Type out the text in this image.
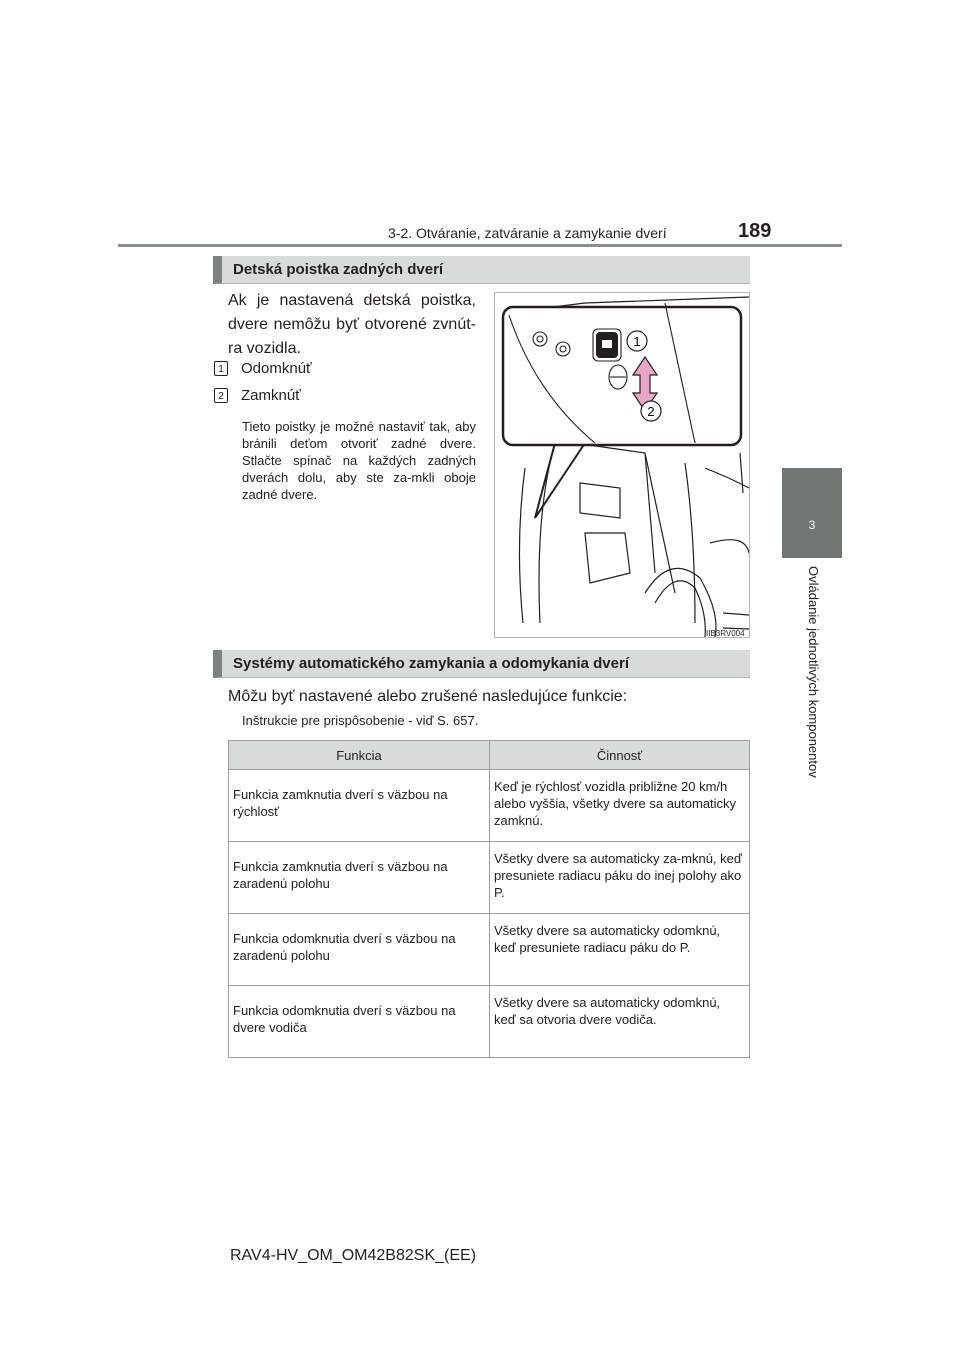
3-2. Otváranie, zatváranie a zamykanie dverí	189
3
Ovládanie jednotlivých komponentov
Detská poistka zadných dverí
Ak je nastavená detská poistka, dvere nemôžu byť otvorené zvnút-ra vozidla.
1 Odomknúť
2 Zamknúť
Tieto poistky je možné nastaviť tak, aby bránili deťom otvoriť zadné dvere. Stlačte spínač na každých zadných dverách dolu, aby ste za-mkli oboje zadné dvere.
1
2
IIB3RV004
Systémy automatického zamykania a odomykania dverí
Môžu byť nastavené alebo zrušené nasledujúce funkcie:
Inštrukcie pre prispôsobenie - viď S. 657.
Funkcia	Činnosť
Funkcia zamknutia dverí s väzbou na rýchlosť	Keď je rýchlosť vozidla približne 20 km/h alebo vyššia, všetky dvere sa automaticky zamknú.
Funkcia zamknutia dverí s väzbou na zaradenú polohu	Všetky dvere sa automaticky za-mknú, keď presuniete radiacu páku do inej polohy ako P.
Funkcia odomknutia dverí s väzbou na zaradenú polohu	Všetky dvere sa automaticky odomknú, keď presuniete radiacu páku do P.
Funkcia odomknutia dverí s väzbou na dvere vodiča	Všetky dvere sa automaticky odomknú, keď sa otvoria dvere vodiča.
RAV4-HV_OM_OM42B82SK_(EE)
